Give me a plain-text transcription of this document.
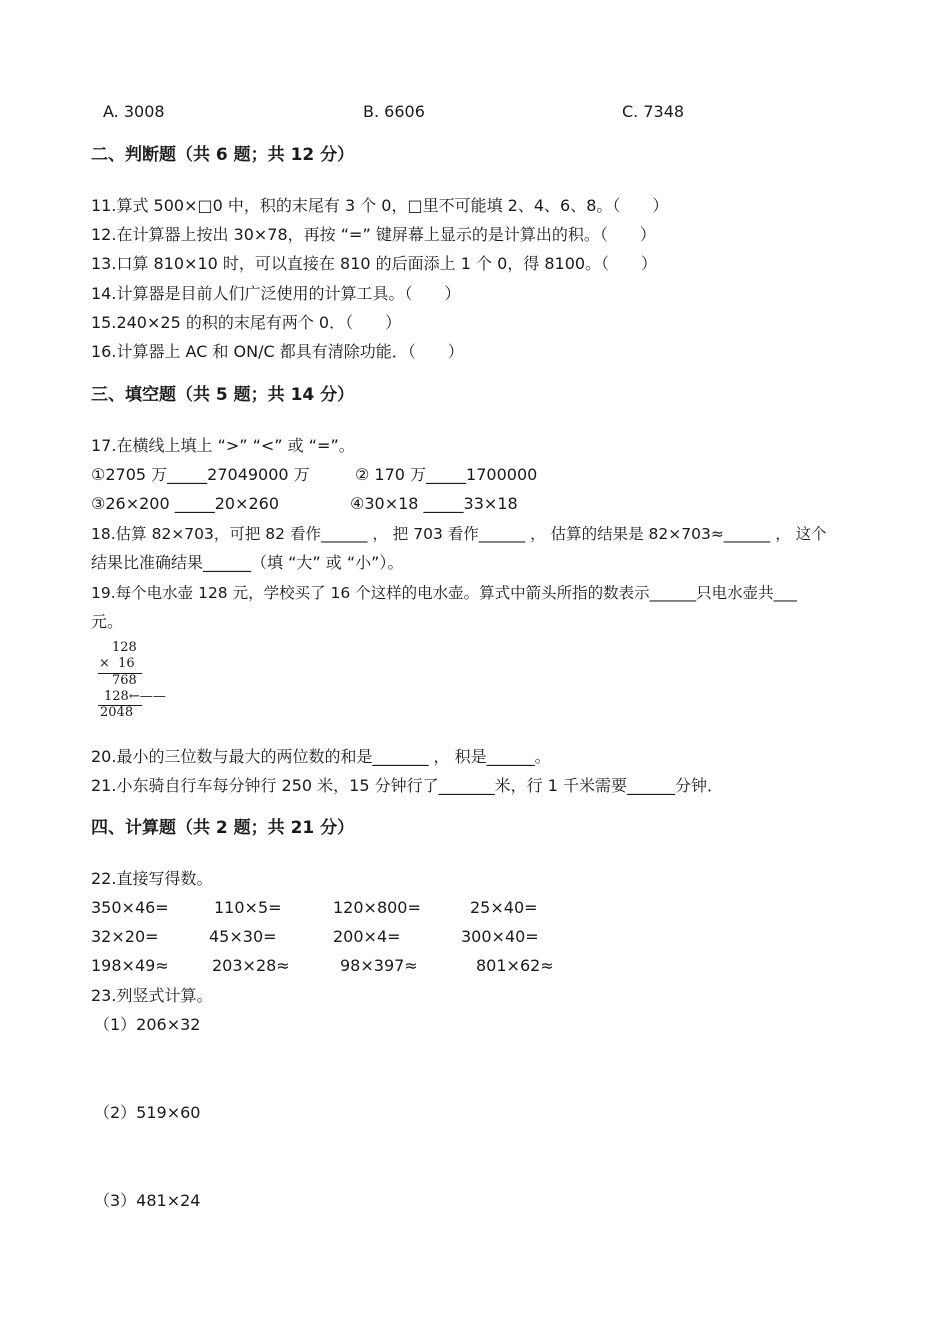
A. 3008	B. 6606	C. 7348
二、判断题（共 6 题；共 12 分）
11.算式 500×□0 中，积的末尾有 3 个 0，□里不可能填 2、4、6、8。（　　）
12.在计算器上按出 30×78，再按 “=” 键屏幕上显示的是计算出的积。（　　）
13.口算 810×10 时，可以直接在 810 的后面添上 1 个 0，得 8100。（　　）
14.计算器是目前人们广泛使用的计算工具。（　　）
15.240×25 的积的末尾有两个 0．（　　）
16.计算器上 AC 和 ON/C 都具有清除功能．（　　）
三、填空题（共 5 题；共 14 分）
17.在横线上填上 “>” “<” 或 “=”。
①2705 万_____27049000 万	② 170 万_____1700000
③26×200 _____20×260	④30×18 _____33×18
18.估算 82×703，可把 82 看作______ ， 把 703 看作______ ， 估算的结果是 82×703≈______ ， 这个
结果比准确结果______（填 “大” 或 “小”）。
19.每个电水壶 128 元，学校买了 16 个这样的电水壶。算式中箭头所指的数表示______只电水壶共___
元。
128
×  16
768
128←——
2048
20.最小的三位数与最大的两位数的和是_______ ， 积是______。
21.小东骑自行车每分钟行 250 米，15 分钟行了_______米，行 1 千米需要______分钟．
四、计算题（共 2 题；共 21 分）
22.直接写得数。
350×46=	110×5=	120×800=	25×40=
32×20=	45×30=	200×4=	300×40=
198×49≈	203×28≈	98×397≈	801×62≈
23.列竖式计算。
（1）206×32
（2）519×60
（3）481×24
